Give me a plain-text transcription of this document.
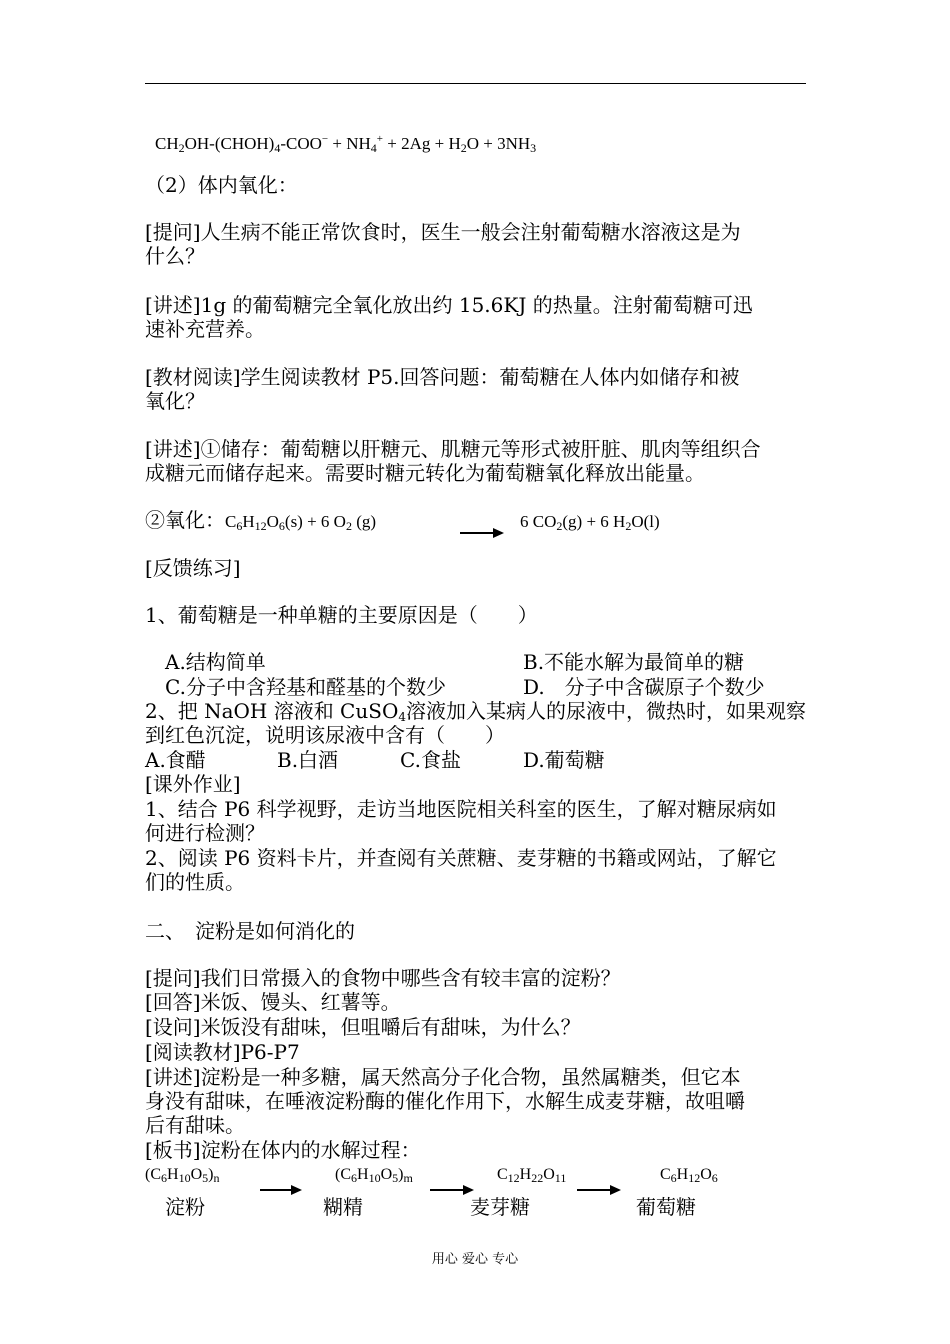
$CH_2OH-(CHOH)_4-COO^- + NH_4^+ + 2Ag + H_2O + 3NH_3$
（2）体内氧化：
[提问]人生病不能正常饮食时，医生一般会注射葡萄糖水溶液这是为
什么？
[讲述]1g 的葡萄糖完全氧化放出约 15.6KJ 的热量。注射葡萄糖可迅
速补充营养。
[教材阅读]学生阅读教材 P5.回答问题：葡萄糖在人体内如储存和被
氧化？
[讲述]①储存：葡萄糖以肝糖元、肌糖元等形式被肝脏、肌肉等组织合
成糖元而储存起来。需要时糖元转化为葡萄糖氧化释放出能量。
②氧化：$C_6H_{12}O_6(s) + 6$ $O_2$ (g)	6 $CO_2(g) + 6$ $H_2O(l)$
[反馈练习]
1、葡萄糖是一种单糖的主要原因是（　　）
A.结构简单	B.不能水解为最简单的糖
C.分子中含羟基和醛基的个数少	D.　分子中含碳原子个数少
2、把 NaOH 溶液和 CuSO$_4$溶液加入某病人的尿液中，微热时，如果观察
到红色沉淀，说明该尿液中含有（　　）
A.食醋	B.白酒	C.食盐	D.葡萄糖
[课外作业]
1、结合 P6 科学视野，走访当地医院相关科室的医生，了解对糖尿病如
何进行检测？
2、阅读 P6 资料卡片，并查阅有关蔗糖、麦芽糖的书籍或网站，了解它
们的性质。
二、　淀粉是如何消化的
[提问]我们日常摄入的食物中哪些含有较丰富的淀粉？
[回答]米饭、馒头、红薯等。
[设问]米饭没有甜味，但咀嚼后有甜味，为什么？
[阅读教材]P6-P7
[讲述]淀粉是一种多糖，属天然高分子化合物，虽然属糖类，但它本
身没有甜味，在唾液淀粉酶的催化作用下，水解生成麦芽糖，故咀嚼
后有甜味。
[板书]淀粉在体内的水解过程：
$(C_6H_{10}O_5)_n$	$(C_6H_{10}O_5)_m$	$C_{12}H_{22}O_{11}$	$C_6H_{12}O_6$
淀粉	糊精	麦芽糖	葡萄糖
用心 爱心 专心
